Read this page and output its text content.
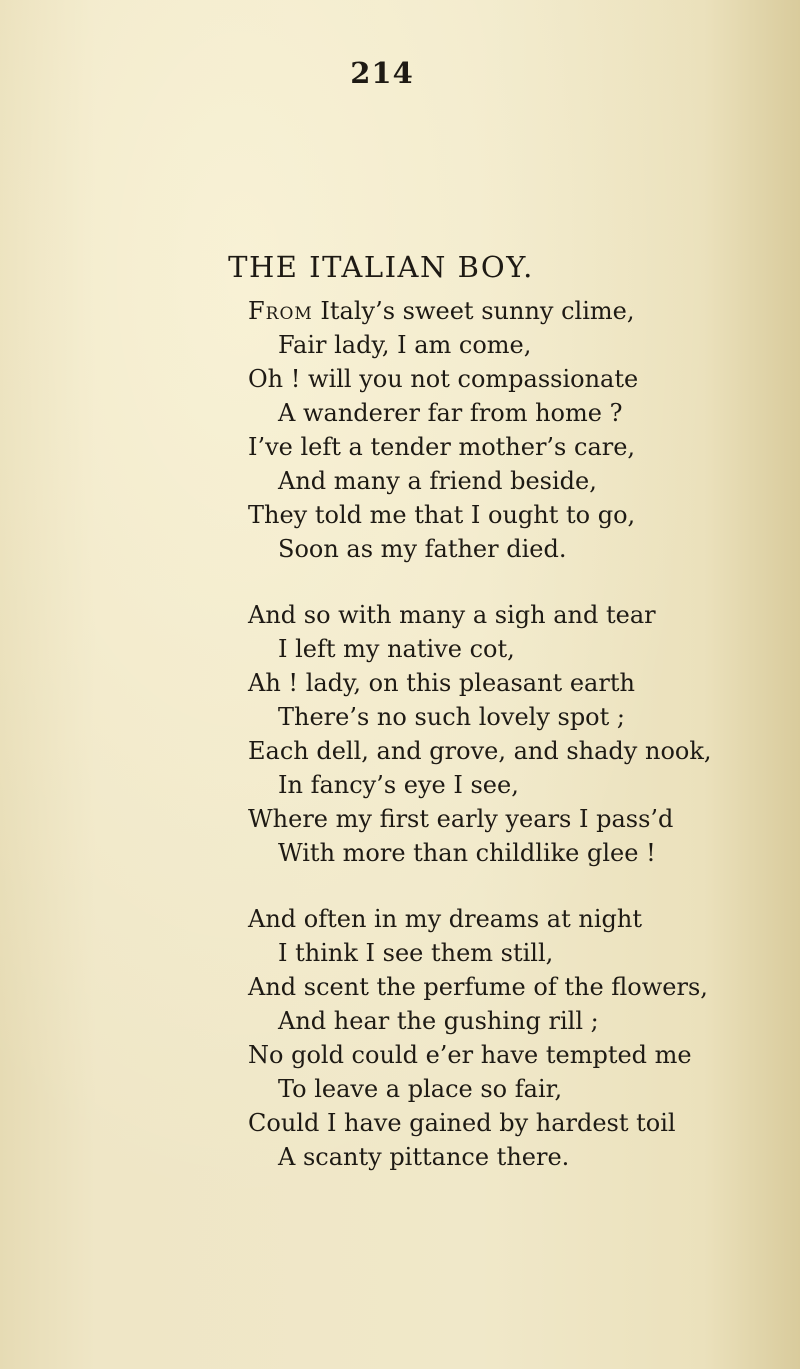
214

THE ITALIAN BOY.
From Italy’s sweet sunny clime,
Fair lady, I am come,
Oh ! will you not compassionate
A wanderer far from home ?
I’ve left a tender mother’s care,
And many a friend beside,
They told me that I ought to go,
Soon as my father died.
And so with many a sigh and tear
I left my native cot,
Ah ! lady, on this pleasant earth
There’s no such lovely spot ;
Each dell, and grove, and shady nook,
In fancy’s eye I see,
Where my first early years I pass’d
With more than childlike glee !
And often in my dreams at night
I think I see them still,
And scent the perfume of the flowers,
And hear the gushing rill ;
No gold could e’er have tempted me
To leave a place so fair,
Could I have gained by hardest toil
A scanty pittance there.
